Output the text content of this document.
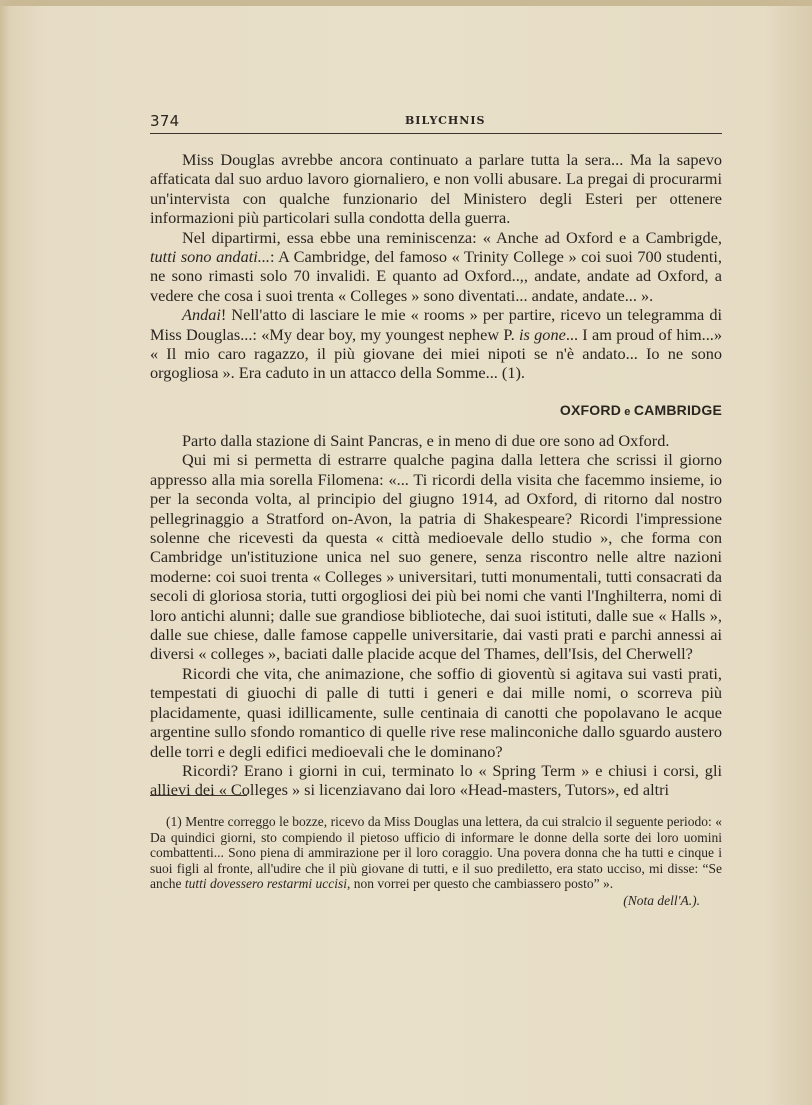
374	BILYCHNIS

Miss Douglas avrebbe ancora continuato a parlare tutta la sera... Ma la sapevo affaticata dal suo arduo lavoro giornaliero, e non volli abusare. La pregai di procurarmi un'intervista con qualche funzionario del Ministero degli Esteri per ottenere informazioni più particolari sulla condotta della guerra.

Nel dipartirmi, essa ebbe una reminiscenza: « Anche ad Oxford e a Cambrigde, tutti sono andati...: A Cambridge, del famoso « Trinity College » coi suoi 700 studenti, ne sono rimasti solo 70 invalidi. E quanto ad Oxford..,, andate, andate ad Oxford, a vedere che cosa i suoi trenta « Colleges » sono diventati... andate, andate... ».

Andai! Nell'atto di lasciare le mie « rooms » per partire, ricevo un telegramma di Miss Douglas...: «My dear boy, my youngest nephew P. is gone... I am proud of him...» « Il mio caro ragazzo, il più giovane dei miei nipoti se n'è andato... Io ne sono orgogliosa ». Era caduto in un attacco della Somme... (1).

OXFORD e CAMBRIDGE

Parto dalla stazione di Saint Pancras, e in meno di due ore sono ad Oxford.

Qui mi si permetta di estrarre qualche pagina dalla lettera che scrissi il giorno appresso alla mia sorella Filomena: «... Ti ricordi della visita che facemmo insieme, io per la seconda volta, al principio del giugno 1914, ad Oxford, di ritorno dal nostro pellegrinaggio a Stratford on-Avon, la patria di Shakespeare? Ricordi l'impressione solenne che ricevesti da questa « città medioevale dello studio », che forma con Cambridge un'istituzione unica nel suo genere, senza riscontro nelle altre nazioni moderne: coi suoi trenta « Colleges » universitari, tutti monumentali, tutti consacrati da secoli di gloriosa storia, tutti orgogliosi dei più bei nomi che vanti l'Inghilterra, nomi di loro antichi alunni; dalle sue grandiose biblioteche, dai suoi istituti, dalle sue « Halls », dalle sue chiese, dalle famose cappelle universitarie, dai vasti prati e parchi annessi ai diversi « colleges », baciati dalle placide acque del Thames, dell'Isis, del Cherwell?

Ricordi che vita, che animazione, che soffio di gioventù si agitava sui vasti prati, tempestati di giuochi di palle di tutti i generi e dai mille nomi, o scorreva più placidamente, quasi idillicamente, sulle centinaia di canotti che popolavano le acque argentine sullo sfondo romantico di quelle rive rese malinconiche dallo sguardo austero delle torri e degli edifici medioevali che le dominano?

Ricordi? Erano i giorni in cui, terminato lo « Spring Term » e chiusi i corsi, gli allievi dei « Colleges » si licenziavano dai loro «Head-masters, Tutors», ed altri

(1) Mentre correggo le bozze, ricevo da Miss Douglas una lettera, da cui stralcio il seguente periodo: « Da quindici giorni, sto compiendo il pietoso ufficio di informare le donne della sorte dei loro uomini combattenti... Sono piena di ammirazione per il loro coraggio. Una povera donna che ha tutti e cinque i suoi figli al fronte, all'udire che il più giovane di tutti, e il suo prediletto, era stato ucciso, mi disse: “Se anche tutti dovessero restarmi uccisi, non vorrei per questo che cambiassero posto” ».

(Nota dell'A.).
